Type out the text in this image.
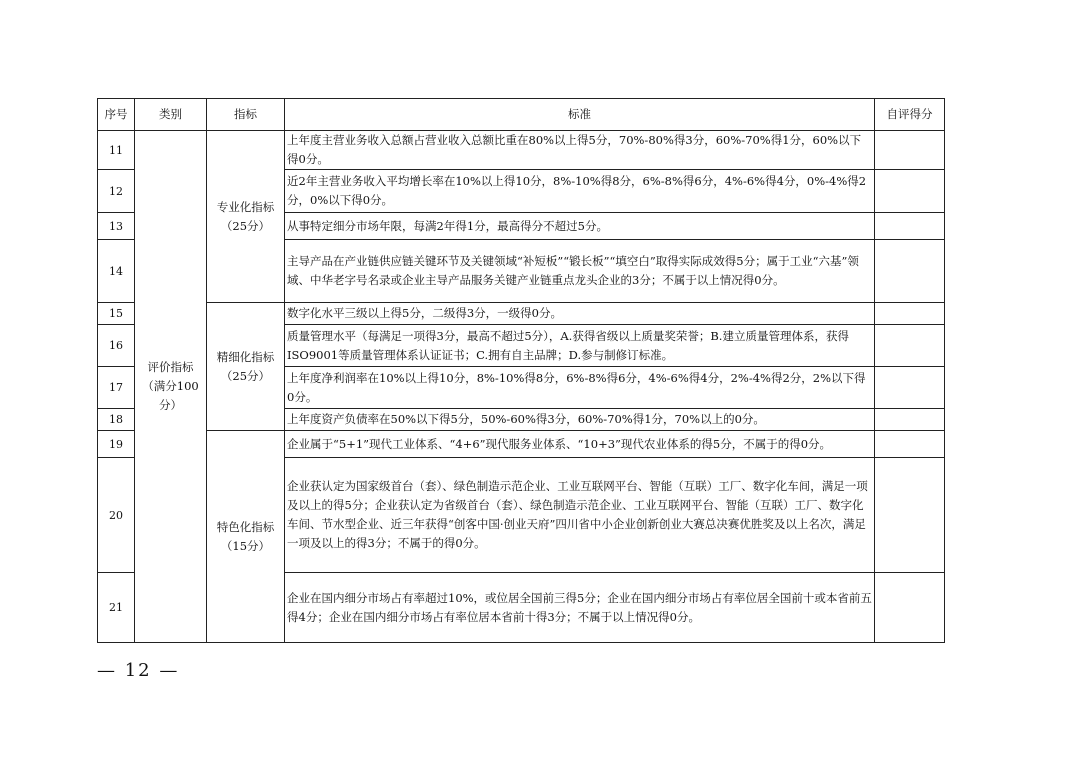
序号	类别	指标	标准	自评得分
11	评价指标（满分100分）	专业化指标（25分）	上年度主营业务收入总额占营业收入总额比重在80%以上得5分，70%-80%得3分，60%-70%得1分，60%以下得0分。	
12			近2年主营业务收入平均增长率在10%以上得10分，8%-10%得8分，6%-8%得6分，4%-6%得4分，0%-4%得2分，0%以下得0分。	
13			从事特定细分市场年限，每满2年得1分，最高得分不超过5分。	
14			主导产品在产业链供应链关键环节及关键领域“补短板”“锻长板”“填空白”取得实际成效得5分；属于工业“六基”领域、中华老字号名录或企业主导产品服务关键产业链重点龙头企业的3分；不属于以上情况得0分。	
15		精细化指标（25分）	数字化水平三级以上得5分，二级得3分，一级得0分。	
16			质量管理水平（每满足一项得3分，最高不超过5分），A.获得省级以上质量奖荣誉；B.建立质量管理体系，获得ISO9001等质量管理体系认证证书；C.拥有自主品牌；D.参与制修订标准。	
17			上年度净利润率在10%以上得10分，8%-10%得8分，6%-8%得6分，4%-6%得4分，2%-4%得2分，2%以下得0分。	
18			上年度资产负债率在50%以下得5分，50%-60%得3分，60%-70%得1分，70%以上的0分。	
19		特色化指标（15分）	企业属于“5+1”现代工业体系、“4+6”现代服务业体系、“10+3”现代农业体系的得5分，不属于的得0分。	
20			企业获认定为国家级首台（套）、绿色制造示范企业、工业互联网平台、智能（互联）工厂、数字化车间，满足一项及以上的得5分；企业获认定为省级首台（套）、绿色制造示范企业、工业互联网平台、智能（互联）工厂、数字化车间、节水型企业、近三年获得“创客中国·创业天府”四川省中小企业创新创业大赛总决赛优胜奖及以上名次，满足一项及以上的得3分；不属于的得0分。	
21			企业在国内细分市场占有率超过10%，或位居全国前三得5分；企业在国内细分市场占有率位居全国前十或本省前五得4分；企业在国内细分市场占有率位居本省前十得3分；不属于以上情况得0分。	
— 12 —
